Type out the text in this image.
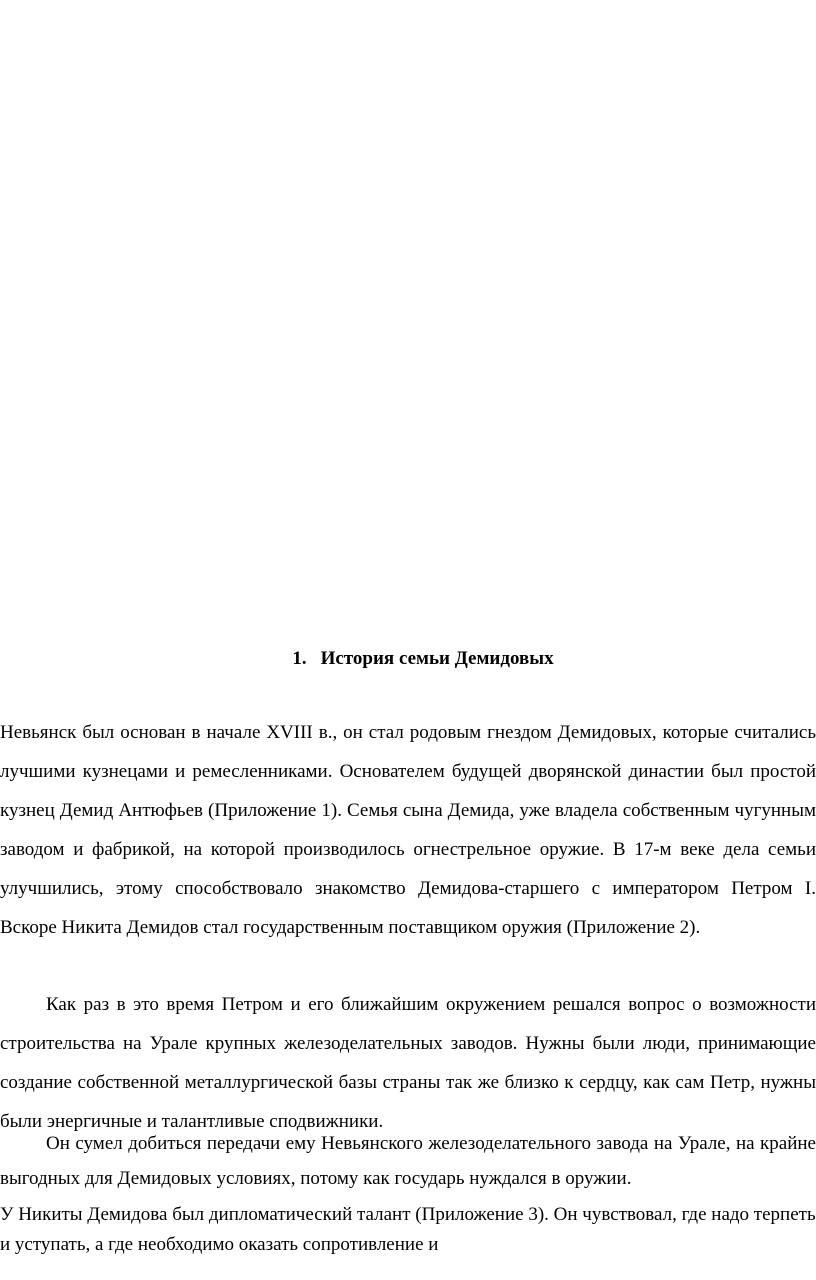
1. История семьи Демидовых

Невьянск был основан в начале XVIII в., он стал родовым гнездом Демидовых, которые считались лучшими кузнецами и ремесленниками. Основателем будущей дворянской династии был простой кузнец Демид Антюфьев (Приложение 1). Семья сына Демида, уже владела собственным чугунным заводом и фабрикой, на которой производилось огнестрельное оружие. В 17-м веке дела семьи улучшились, этому способствовало знакомство Демидова-старшего с императором Петром I. Вскоре Никита Демидов стал государственным поставщиком оружия (Приложение 2).

Как раз в это время Петром и его ближайшим окружением решался вопрос о возможности строительства на Урале крупных железоделательных заводов. Нужны были люди, принимающие создание собственной металлургической базы страны так же близко к сердцу, как сам Петр, нужны были энергичные и талантливые сподвижники.

Он сумел добиться передачи ему Невьянского железоделательного завода на Урале, на крайне выгодных для Демидовых условиях, потому как государь нуждался в оружии.

У Никиты Демидова был дипломатический талант (Приложение 3). Он чувствовал, где надо терпеть и уступать, а где необходимо оказать сопротивление и
